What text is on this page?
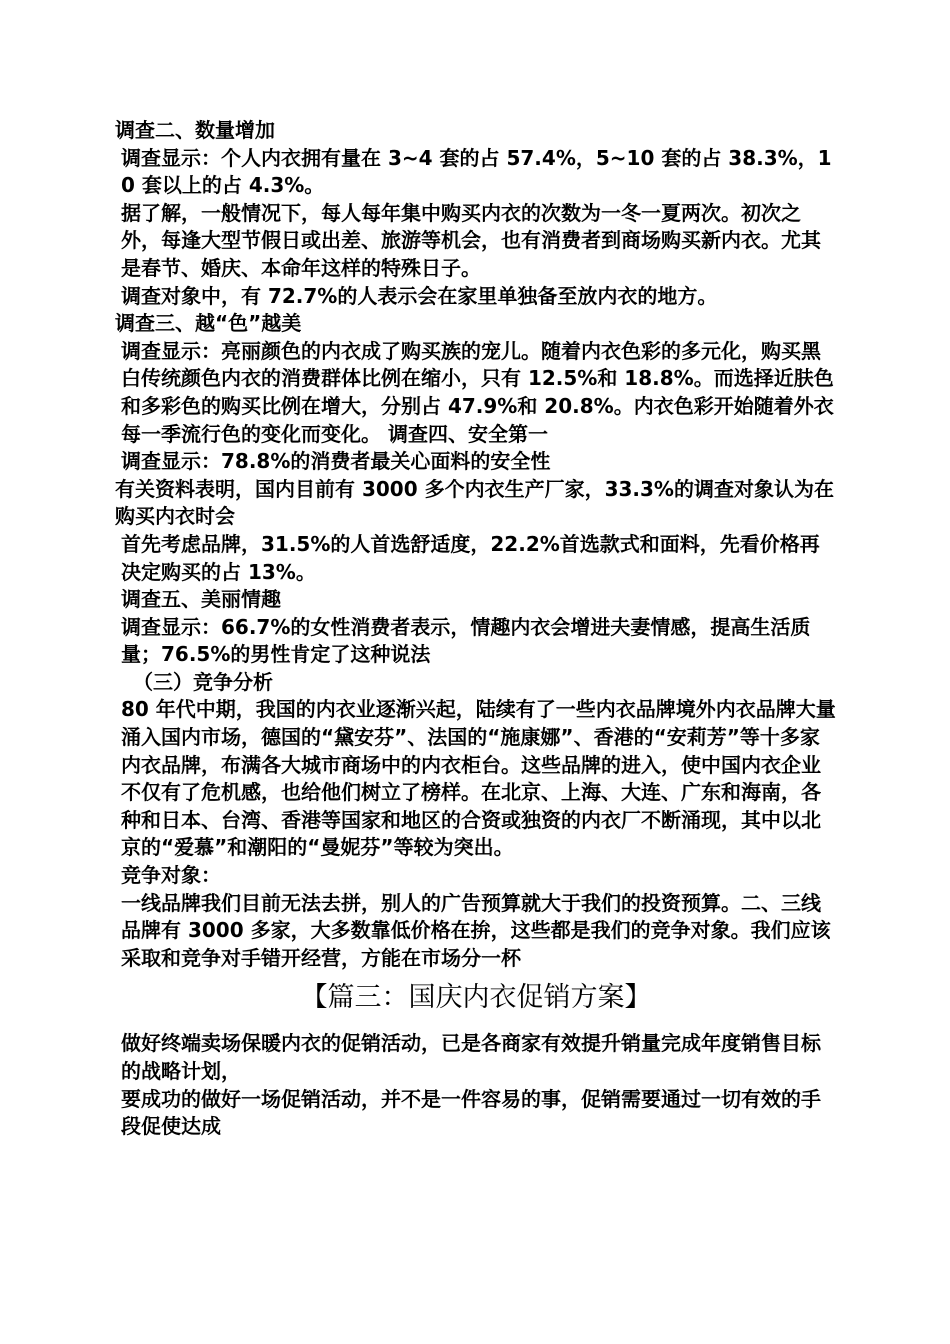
调查二、数量增加

调查显示：个人内衣拥有量在 3~4 套的占 57.4%，5~10 套的占 38.3%，10 套以上的占 4.3%。

据了解，一般情况下，每人每年集中购买内衣的次数为一冬一夏两次。初次之外，每逢大型节假日或出差、旅游等机会，也有消费者到商场购买新内衣。尤其是春节、婚庆、本命年这样的特殊日子。

调查对象中，有 72.7%的人表示会在家里单独备至放内衣的地方。

调查三、越“色”越美

调查显示：亮丽颜色的内衣成了购买族的宠儿。随着内衣色彩的多元化，购买黑白传统颜色内衣的消费群体比例在缩小，只有 12.5%和 18.8%。而选择近肤色和多彩色的购买比例在增大，分别占 47.9%和 20.8%。内衣色彩开始随着外衣每一季流行色的变化而变化。 调查四、安全第一

调查显示：78.8%的消费者最关心面料的安全性

有关资料表明，国内目前有 3000 多个内衣生产厂家，33.3%的调查对象认为在购买内衣时会

首先考虑品牌，31.5%的人首选舒适度，22.2%首选款式和面料，先看价格再决定购买的占 13%。

调查五、美丽情趣

调查显示：66.7%的女性消费者表示，情趣内衣会增进夫妻情感，提高生活质量；76.5%的男性肯定了这种说法

（三）竞争分析

80 年代中期，我国的内衣业逐渐兴起，陆续有了一些内衣品牌境外内衣品牌大量涌入国内市场，德国的“黛安芬”、法国的“施康娜”、香港的“安莉芳”等十多家内衣品牌，布满各大城市商场中的内衣柜台。这些品牌的进入，使中国内衣企业不仅有了危机感，也给他们树立了榜样。在北京、上海、大连、广东和海南，各种和日本、台湾、香港等国家和地区的合资或独资的内衣厂不断涌现，其中以北京的“爱慕”和潮阳的“曼妮芬”等较为突出。

竞争对象：

一线品牌我们目前无法去拼，别人的广告预算就大于我们的投资预算。二、三线品牌有 3000 多家，大多数靠低价格在拚，这些都是我们的竞争对象。我们应该采取和竞争对手错开经营，方能在市场分一杯

【篇三：国庆内衣促销方案】

做好终端卖场保暖内衣的促销活动，已是各商家有效提升销量完成年度销售目标的战略计划，

要成功的做好一场促销活动，并不是一件容易的事，促销需要通过一切有效的手段促使达成
